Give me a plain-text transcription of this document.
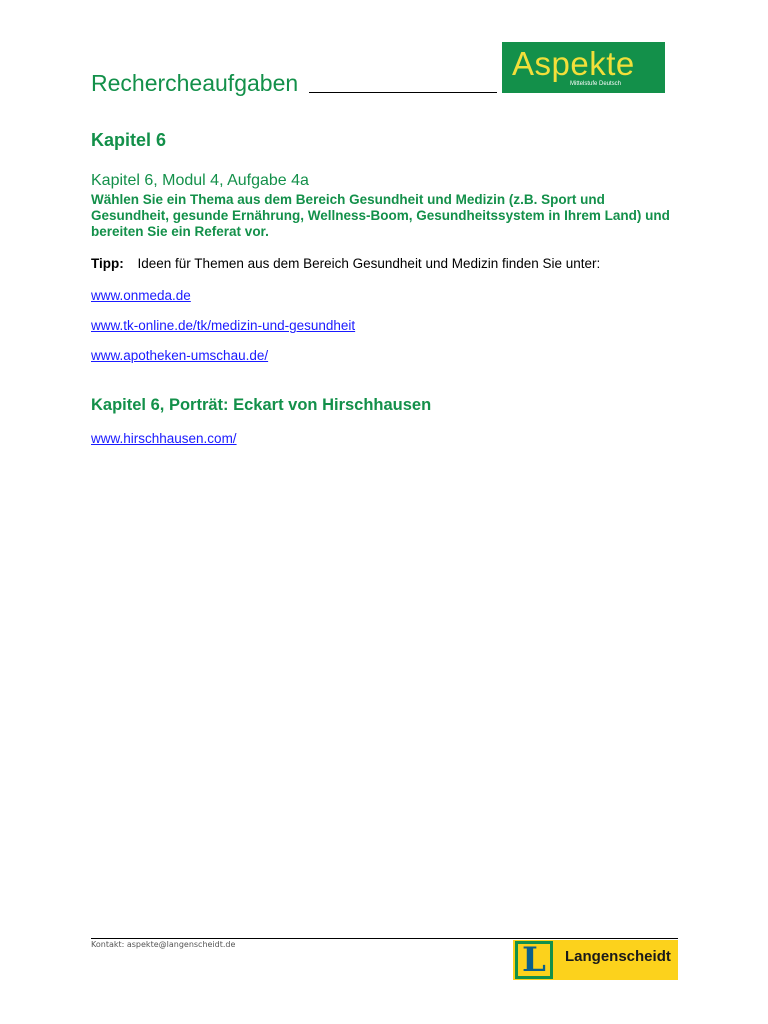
Rechercheaufgaben
Aspekte
Mittelstufe Deutsch
Kapitel 6
Kapitel 6, Modul 4, Aufgabe 4a
Wählen Sie ein Thema aus dem Bereich Gesundheit und Medizin (z.B. Sport und Gesundheit, gesunde Ernährung, Wellness-Boom, Gesundheitssystem in Ihrem Land) und bereiten Sie ein Referat vor.
Tipp: Ideen für Themen aus dem Bereich Gesundheit und Medizin finden Sie unter:
www.onmeda.de
www.tk-online.de/tk/medizin-und-gesundheit
www.apotheken-umschau.de/
Kapitel 6, Porträt: Eckart von Hirschhausen
www.hirschhausen.com/
Kontakt: aspekte@langenscheidt.de	L Langenscheidt
